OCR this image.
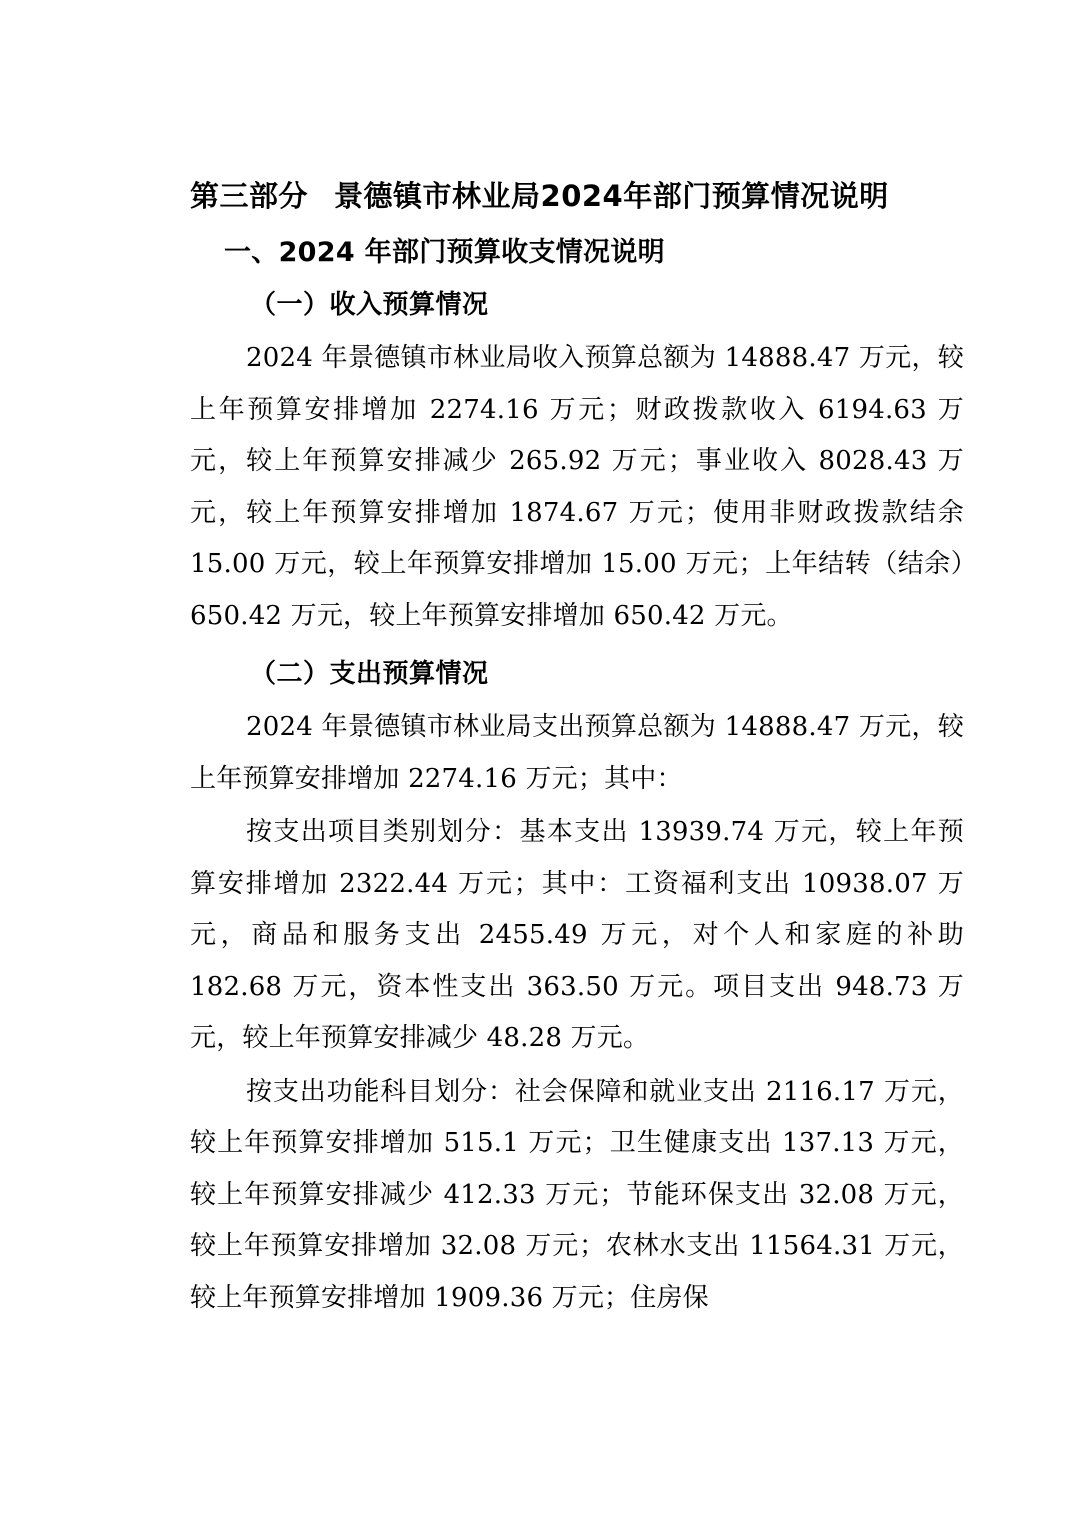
第三部分 景德镇市林业局2024年部门预算情况说明
一、2024 年部门预算收支情况说明
（一）收入预算情况

2024 年景德镇市林业局收入预算总额为 14888.47 万元，较上年预算安排增加 2274.16 万元；财政拨款收入 6194.63 万元，较上年预算安排减少 265.92 万元；事业收入 8028.43 万元，较上年预算安排增加 1874.67 万元；使用非财政拨款结余 15.00 万元，较上年预算安排增加 15.00 万元；上年结转（结余）650.42 万元，较上年预算安排增加 650.42 万元。

（二）支出预算情况

2024 年景德镇市林业局支出预算总额为 14888.47 万元，较上年预算安排增加 2274.16 万元；其中：

按支出项目类别划分：基本支出 13939.74 万元，较上年预算安排增加 2322.44 万元；其中：工资福利支出 10938.07 万元，商品和服务支出 2455.49 万元，对个人和家庭的补助 182.68 万元，资本性支出 363.50 万元。项目支出 948.73 万元，较上年预算安排减少 48.28 万元。

按支出功能科目划分：社会保障和就业支出 2116.17 万元，较上年预算安排增加 515.1 万元；卫生健康支出 137.13 万元，较上年预算安排减少 412.33 万元；节能环保支出 32.08 万元，较上年预算安排增加 32.08 万元；农林水支出 11564.31 万元，较上年预算安排增加 1909.36 万元；住房保
